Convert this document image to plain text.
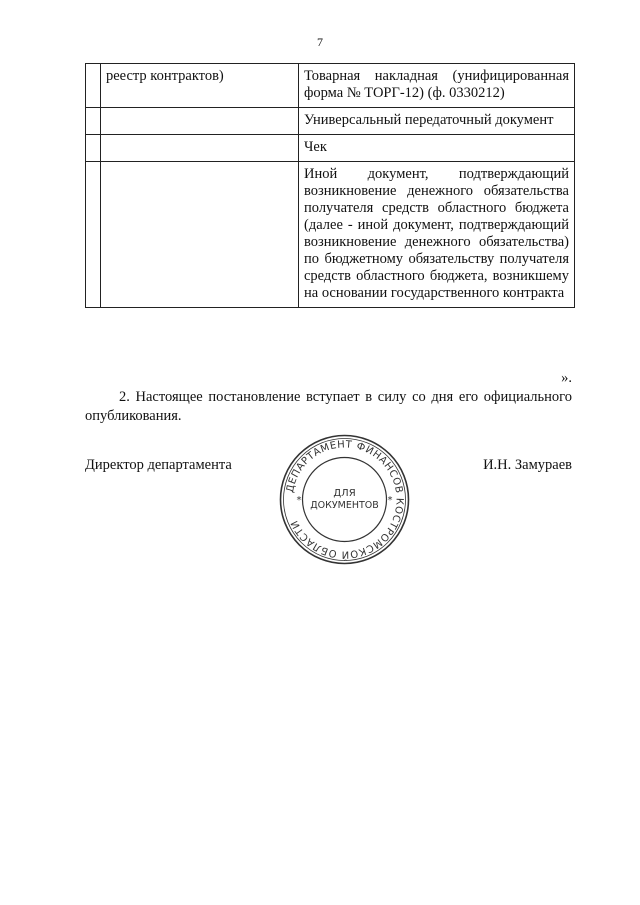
7
	реестр контрактов)	Товарная накладная (унифицированная форма № ТОРГ-12) (ф. 0330212)
		Универсальный передаточный документ
		Чек
		Иной документ, подтверждающий возникновение денежного обязательства получателя средств областного бюджета (далее - иной документ, подтверждающий возникновение денежного обязательства) по бюджетному обязательству получателя средств областного бюджета, возникшему на основании государственного контракта
».
2. Настоящее постановление вступает в силу со дня его официального опубликования.
Директор департамента	И.Н. Замураев
ДЕПАРТАМЕНТ ФИНАНСОВ КОСТРОМСКОЙ ОБЛАСТИ
ДЛЯ
ДОКУМЕНТОВ
*	*
